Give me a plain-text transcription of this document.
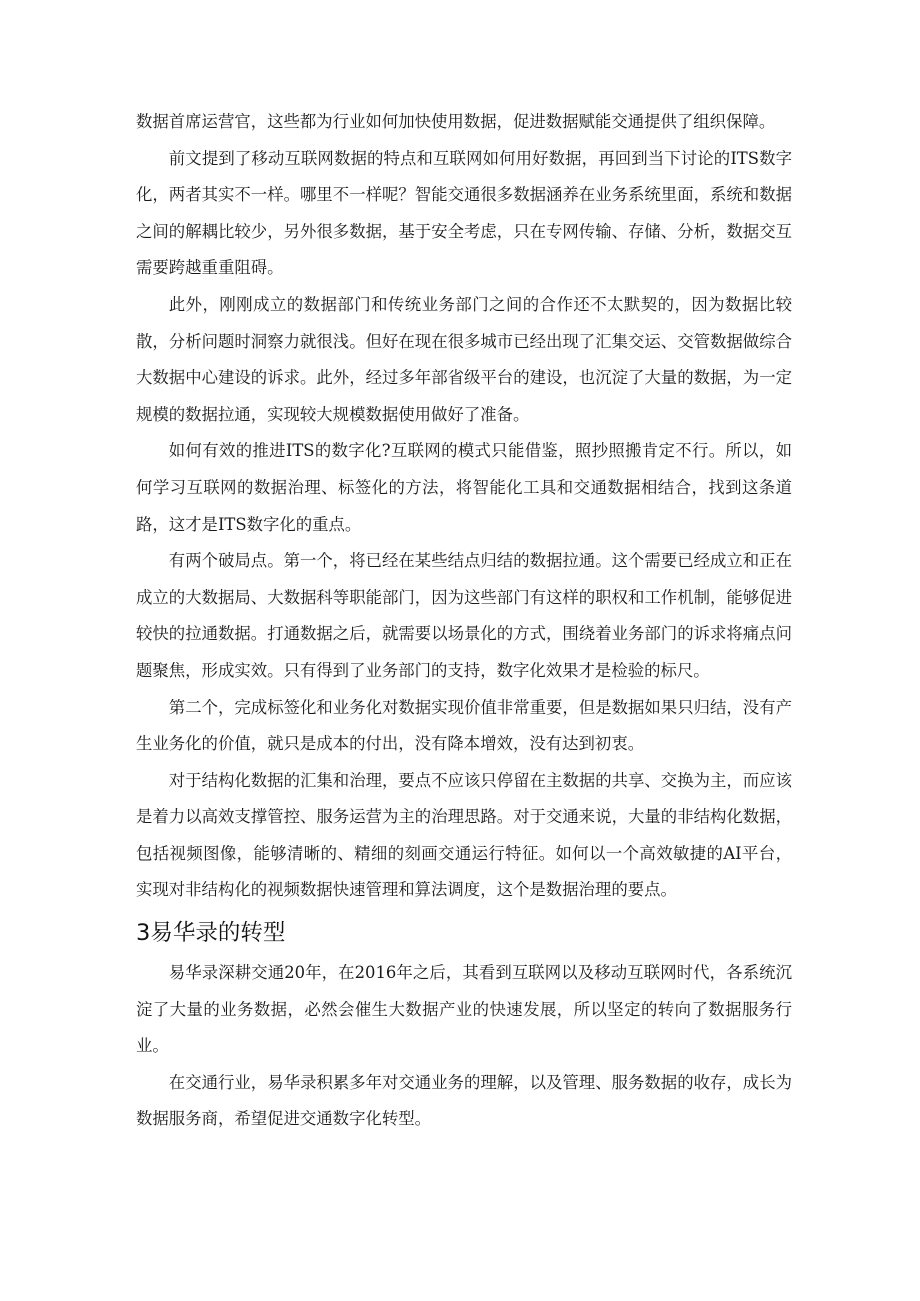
数据首席运营官，这些都为行业如何加快使用数据，促进数据赋能交通提供了组织保障。

前文提到了移动互联网数据的特点和互联网如何用好数据，再回到当下讨论的ITS数字化，两者其实不一样。哪里不一样呢？智能交通很多数据涵养在业务系统里面，系统和数据之间的解耦比较少，另外很多数据，基于安全考虑，只在专网传输、存储、分析，数据交互需要跨越重重阻碍。

此外，刚刚成立的数据部门和传统业务部门之间的合作还不太默契的，因为数据比较散，分析问题时洞察力就很浅。但好在现在很多城市已经出现了汇集交运、交管数据做综合大数据中心建设的诉求。此外，经过多年部省级平台的建设，也沉淀了大量的数据，为一定规模的数据拉通，实现较大规模数据使用做好了准备。

如何有效的推进ITS的数字化?互联网的模式只能借鉴，照抄照搬肯定不行。所以，如何学习互联网的数据治理、标签化的方法，将智能化工具和交通数据相结合，找到这条道路，这才是ITS数字化的重点。

有两个破局点。第一个，将已经在某些结点归结的数据拉通。这个需要已经成立和正在成立的大数据局、大数据科等职能部门，因为这些部门有这样的职权和工作机制，能够促进较快的拉通数据。打通数据之后，就需要以场景化的方式，围绕着业务部门的诉求将痛点问题聚焦，形成实效。只有得到了业务部门的支持，数字化效果才是检验的标尺。

第二个，完成标签化和业务化对数据实现价值非常重要，但是数据如果只归结，没有产生业务化的价值，就只是成本的付出，没有降本增效，没有达到初衷。

对于结构化数据的汇集和治理，要点不应该只停留在主数据的共享、交换为主，而应该是着力以高效支撑管控、服务运营为主的治理思路。对于交通来说，大量的非结构化数据，包括视频图像，能够清晰的、精细的刻画交通运行特征。如何以一个高效敏捷的AI平台，实现对非结构化的视频数据快速管理和算法调度，这个是数据治理的要点。

3易华录的转型

易华录深耕交通20年，在2016年之后，其看到互联网以及移动互联网时代，各系统沉淀了大量的业务数据，必然会催生大数据产业的快速发展，所以坚定的转向了数据服务行业。

在交通行业，易华录积累多年对交通业务的理解，以及管理、服务数据的收存，成长为数据服务商，希望促进交通数字化转型。
